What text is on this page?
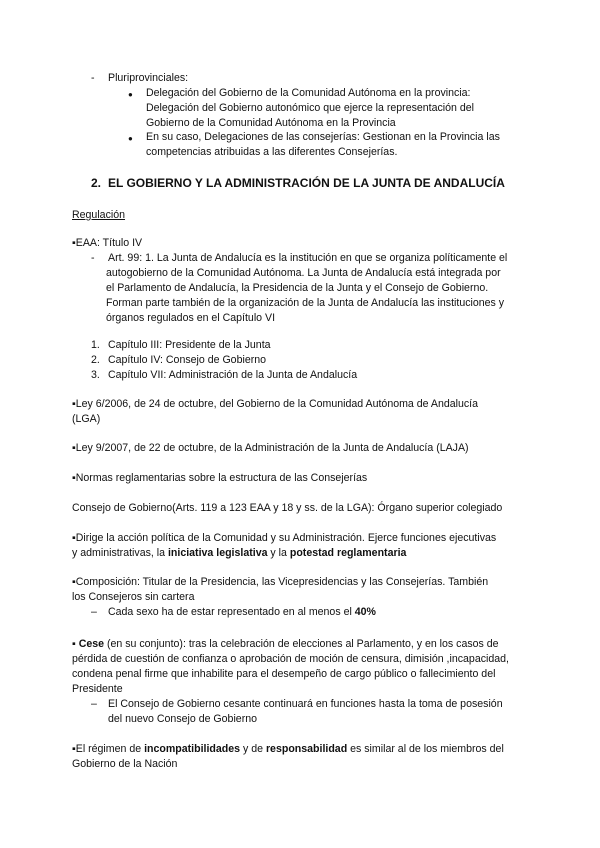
- Pluriprovinciales:
● Delegación del Gobierno de la Comunidad Autónoma en la provincia:
Delegación del Gobierno autonómico que ejerce la representación del
Gobierno de la Comunidad Autónoma en la Provincia
● En su caso, Delegaciones de las consejerías: Gestionan en la Provincia las
competencias atribuidas a las diferentes Consejerías.
2. EL GOBIERNO Y LA ADMINISTRACIÓN DE LA JUNTA DE ANDALUCÍA
Regulación
▪EAA: Título IV
- Art. 99: 1. La Junta de Andalucía es la institución en que se organiza políticamente el
autogobierno de la Comunidad Autónoma. La Junta de Andalucía está integrada por
el Parlamento de Andalucía, la Presidencia de la Junta y el Consejo de Gobierno.
Forman parte también de la organización de la Junta de Andalucía las instituciones y
órganos regulados en el Capítulo VI
1. Capítulo III: Presidente de la Junta
2. Capítulo IV: Consejo de Gobierno
3. Capítulo VII: Administración de la Junta de Andalucía
▪Ley 6/2006, de 24 de octubre, del Gobierno de la Comunidad Autónoma de Andalucía
(LGA)
▪Ley 9/2007, de 22 de octubre, de la Administración de la Junta de Andalucía (LAJA)
▪Normas reglamentarias sobre la estructura de las Consejerías
Consejo de Gobierno(Arts. 119 a 123 EAA y 18 y ss. de la LGA): Órgano superior colegiado
▪Dirige la acción política de la Comunidad y su Administración. Ejerce funciones ejecutivas
y administrativas, la iniciativa legislativa y la potestad reglamentaria
▪Composición: Titular de la Presidencia, las Vicepresidencias y las Consejerías. También
los Consejeros sin cartera
– Cada sexo ha de estar representado en al menos el 40%
▪ Cese (en su conjunto): tras la celebración de elecciones al Parlamento, y en los casos de
pérdida de cuestión de confianza o aprobación de moción de censura, dimisión ,incapacidad,
condena penal firme que inhabilite para el desempeño de cargo público o fallecimiento del
Presidente
– El Consejo de Gobierno cesante continuará en funciones hasta la toma de posesión
del nuevo Consejo de Gobierno
▪El régimen de incompatibilidades y de responsabilidad es similar al de los miembros del
Gobierno de la Nación
